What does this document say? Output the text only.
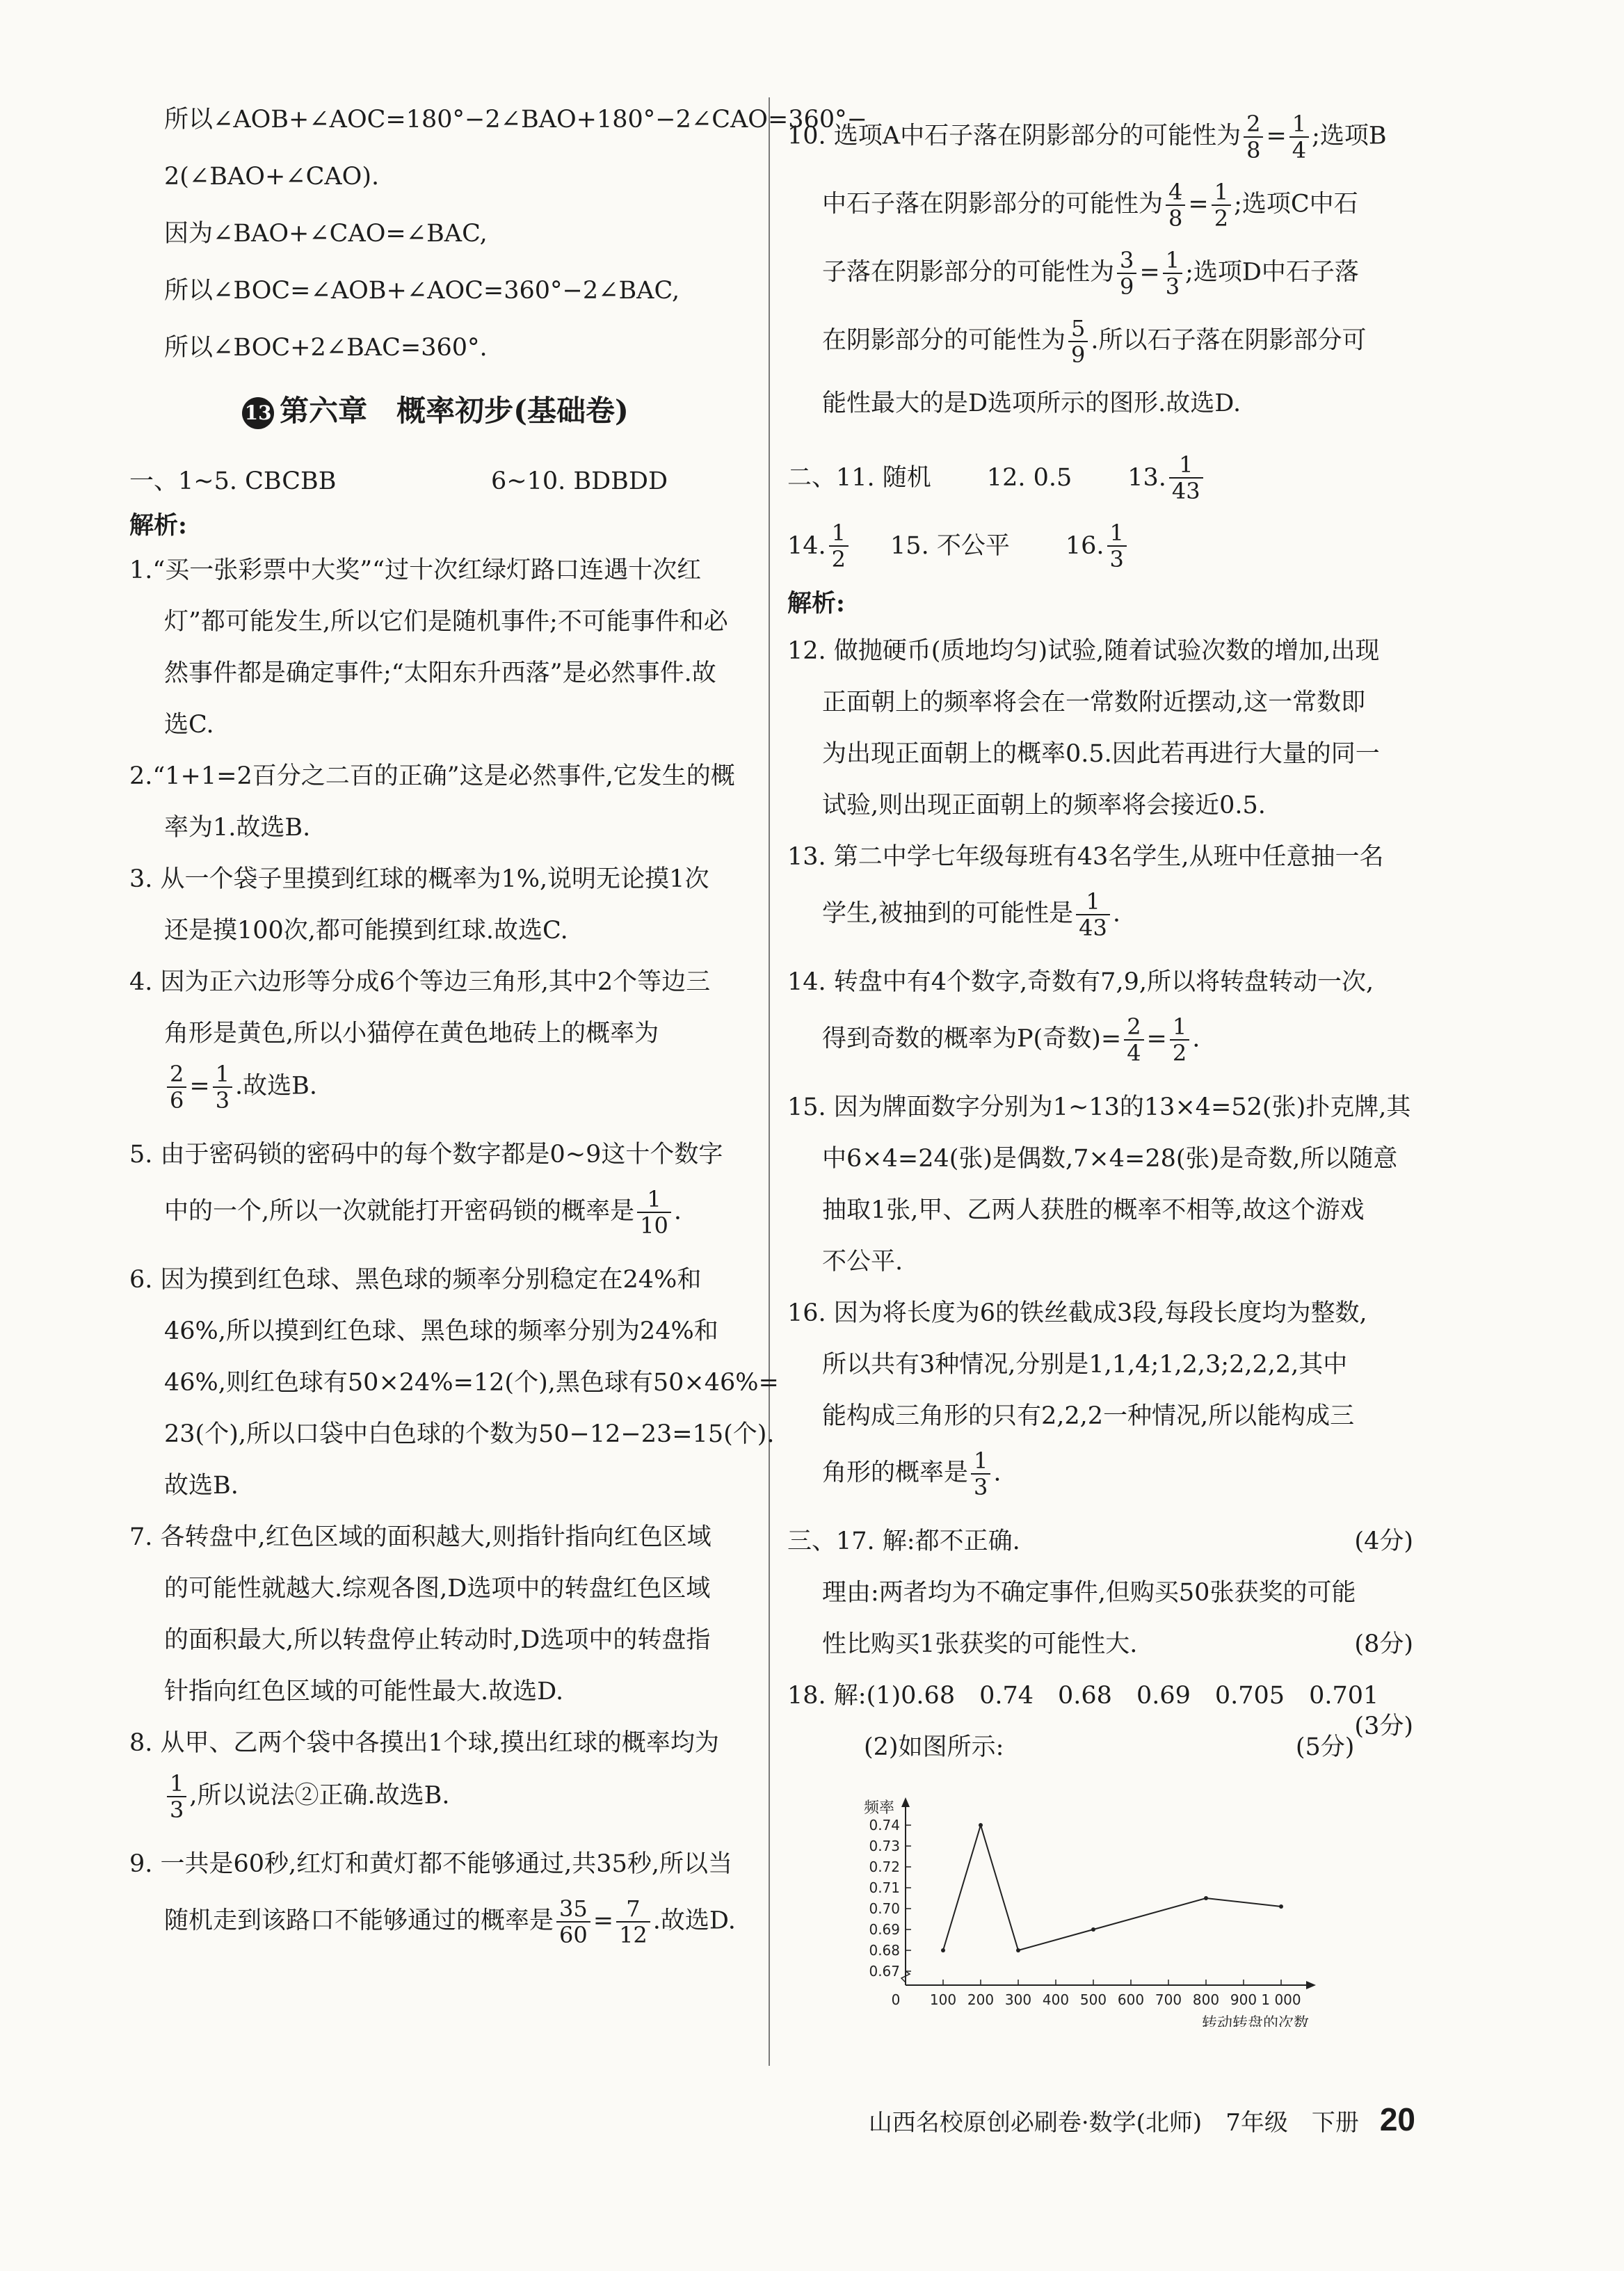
所以∠AOB+∠AOC=180°−2∠BAO+180°−2∠CAO=360°−

2(∠BAO+∠CAO).

因为∠BAO+∠CAO=∠BAC,

所以∠BOC=∠AOB+∠AOC=360°−2∠BAC,

所以∠BOC+2∠BAC=360°.

13 第六章　概率初步(基础卷)
一、1~5. CBCBB	6~10. BDBDD

解析:

1.“买一张彩票中大奖”“过十次红绿灯路口连遇十次红

灯”都可能发生,所以它们是随机事件;不可能事件和必

然事件都是确定事件;“太阳东升西落”是必然事件.故

选C.

2.“1+1=2百分之二百的正确”这是必然事件,它发生的概

率为1.故选B.

3. 从一个袋子里摸到红球的概率为1%,说明无论摸1次

还是摸100次,都可能摸到红球.故选C.

4. 因为正六边形等分成6个等边三角形,其中2个等边三

角形是黄色,所以小猫停在黄色地砖上的概率为

$\frac{2}{6} = \frac{1}{3}$ .故选B.

5. 由于密码锁的密码中的每个数字都是0~9这十个数字

中的一个,所以一次就能打开密码锁的概率是 $\frac{1}{10}$ .

6. 因为摸到红色球、黑色球的频率分别稳定在24%和

46%,所以摸到红色球、黑色球的频率分别为24%和

46%,则红色球有50×24%=12(个),黑色球有50×46%=

23(个),所以口袋中白色球的个数为50−12−23=15(个).

故选B.

7. 各转盘中,红色区域的面积越大,则指针指向红色区域

的可能性就越大.综观各图,D选项中的转盘红色区域

的面积最大,所以转盘停止转动时,D选项中的转盘指

针指向红色区域的可能性最大.故选D.

8. 从甲、乙两个袋中各摸出1个球,摸出红球的概率均为

$\frac{1}{3}$ ,所以说法②正确.故选B.

9. 一共是60秒,红灯和黄灯都不能够通过,共35秒,所以当

随机走到该路口不能够通过的概率是 $\frac{35}{60} = \frac{7}{12}$ .故选D.

10. 选项A中石子落在阴影部分的可能性为 $\frac{2}{8} = \frac{1}{4}$ ;选项B

中石子落在阴影部分的可能性为 $\frac{4}{8} = \frac{1}{2}$ ;选项C中石

子落在阴影部分的可能性为 $\frac{3}{9} = \frac{1}{3}$ ;选项D中石子落

在阴影部分的可能性为 $\frac{5}{9}$ .所以石子落在阴影部分可

能性最大的是D选项所示的图形.故选D.

二、11. 随机 12. 0.5 13. $\frac{1}{43}$
14. $\frac{1}{2} 15$. 不公平 16. $\frac{1}{3}$

解析:

12. 做抛硬币(质地均匀)试验,随着试验次数的增加,出现

正面朝上的频率将会在一常数附近摆动,这一常数即

为出现正面朝上的概率0.5.因此若再进行大量的同一

试验,则出现正面朝上的频率将会接近0.5.

13. 第二中学七年级每班有43名学生,从班中任意抽一名

学生,被抽到的可能性是 $\frac{1}{43}$ .

14. 转盘中有4个数字,奇数有7,9,所以将转盘转动一次,

得到奇数的概率为P(奇数)= $\frac{2}{4} = \frac{1}{2}$ .

15. 因为牌面数字分别为1~13的13×4=52(张)扑克牌,其

中6×4=24(张)是偶数,7×4=28(张)是奇数,所以随意

抽取1张,甲、乙两人获胜的概率不相等,故这个游戏

不公平.

16. 因为将长度为6的铁丝截成3段,每段长度均为整数,

所以共有3种情况,分别是1,1,4;1,2,3;2,2,2,其中

能构成三角形的只有2,2,2一种情况,所以能构成三

角形的概率是 $\frac{1}{3}$ .

三、17. 解:都不正确.	(4分)

理由:两者均为不确定事件,但购买50张获奖的可能

性比购买1张获奖的可能性大.	(8分)

18. 解:(1)0.68　0.74　0.68　0.69　0.705　0.701
(3分)

(2)如图所示:	(5分)

0.67
0.68
0.69
0.70
0.71
0.72
0.73
0.74
0 100 200 300 400 500 600 700 800 900 1 000
频率
转动转盘的次数
山西名校原创必刷卷·数学(北师)　7年级　下册 20
